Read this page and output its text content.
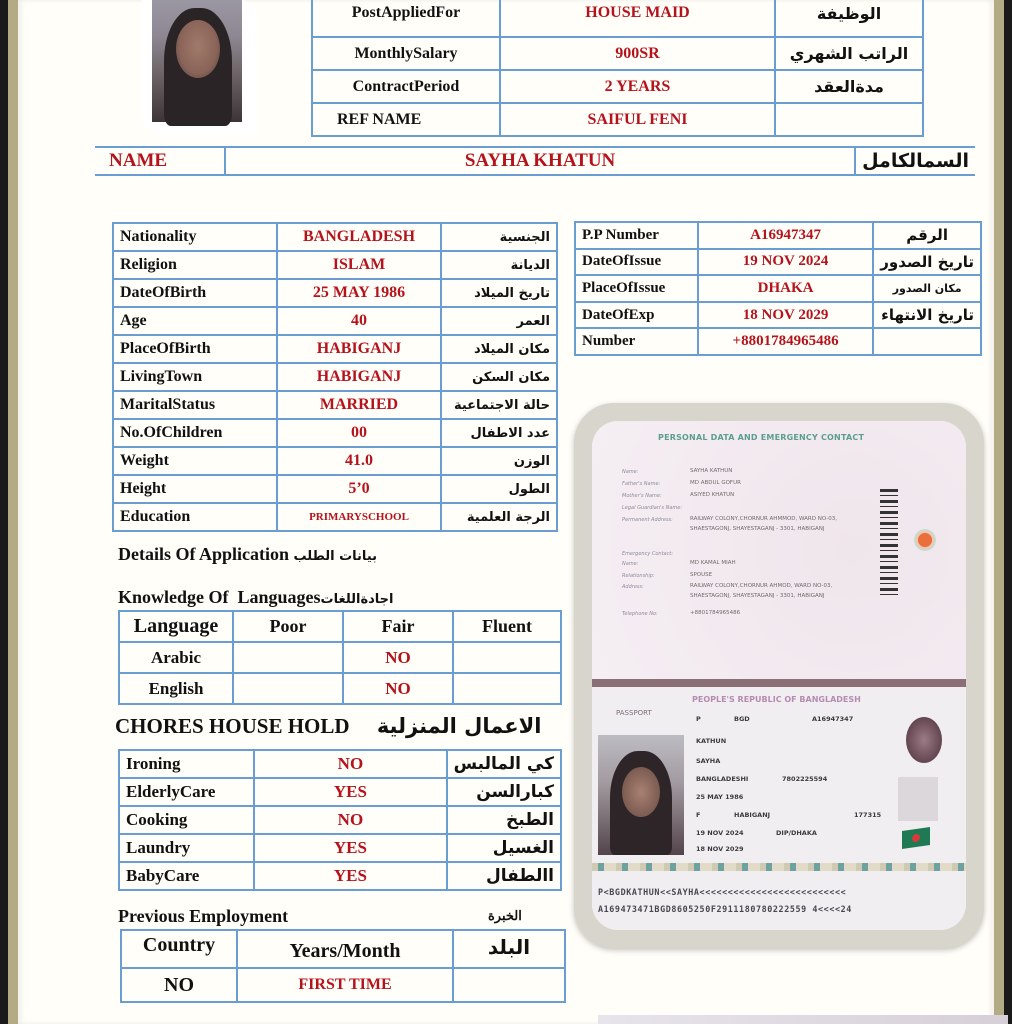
PostAppliedFor	HOUSE MAID	الوظيفة
MonthlySalary	900SR	الراتب الشهري
ContractPeriod	2 YEARS	مدةالعقد
REF NAME	SAIFUL FENI	
NAME	SAYHA KHATUN	السمالكامل
Nationality	BANGLADESH	الجنسية
Religion	ISLAM	الديانة
DateOfBirth	25 MAY 1986	تاريخ الميلاد
Age	40	العمر
PlaceOfBirth	HABIGANJ	مكان الميلاد
LivingTown	HABIGANJ	مكان السكن
MaritalStatus	MARRIED	حالة الاجتماعية
No.OfChildren	00	عدد الاطفال
Weight	41.0	الوزن
Height	5’0	الطول
Education	PRIMARYSCHOOL	الرجة العلمية
P.P Number	A16947347	الرقم
DateOfIssue	19 NOV 2024	تاريخ الصدور
PlaceOfIssue	DHAKA	مكان الصدور
DateOfExp	18 NOV 2029	تاريخ الانتهاء
Number	+8801784965486	
Details Of Application بيانات الطلب
Knowledge Of  Languagesاجادةاللغات
Language	Poor	Fair	Fluent
Arabic		NO	
English		NO	
CHORES HOUSE HOLD الاعمال المنزلية
Ironing	NO	كي المالبس
ElderlyCare	YES	كبارالسن
Cooking	NO	الطبخ
Laundry	YES	الغسيل
BabyCare	YES	االطفال
Previous Employment	الخبرة
Country	Years/Month	البلد
NO	FIRST TIME	
PERSONAL DATA AND EMERGENCY CONTACT
Name:	SAYHA KATHUN
Father's Name:	MD ABDUL GOFUR
Mother's Name:	ASIYED KHATUN
Legal Guardian's Name:
Permanent Address:	RAILWAY COLONY,CHORNUR AHMMOD, WARD NO-03,
SHAESTAGONJ, SHAYESTAGANJ - 3301, HABIGANJ
Emergency Contact:
Name:	MD KAMAL MIAH
Relationship:	SPOUSE
Address:	RAILWAY COLONY,CHORNUR AHMOD, WARD NO-03,
SHAESTAGONJ, SHAYESTAGANJ - 3301, HABIGANJ
Telephone No:	+8801784965486
PEOPLE'S REPUBLIC OF BANGLADESH
PASSPORT
P	BGD	A16947347
KATHUN
SAYHA
BANGLADESHI	7802225594
25 MAY 1986
F	HABIGANJ	177315
19 NOV 2024	DIP/DHAKA
18 NOV 2029
P<BGDKATHUN<<SAYHA<<<<<<<<<<<<<<<<<<<<<<<<<<
A169473471BGD8605250F2911180780222559 4<<<<24
